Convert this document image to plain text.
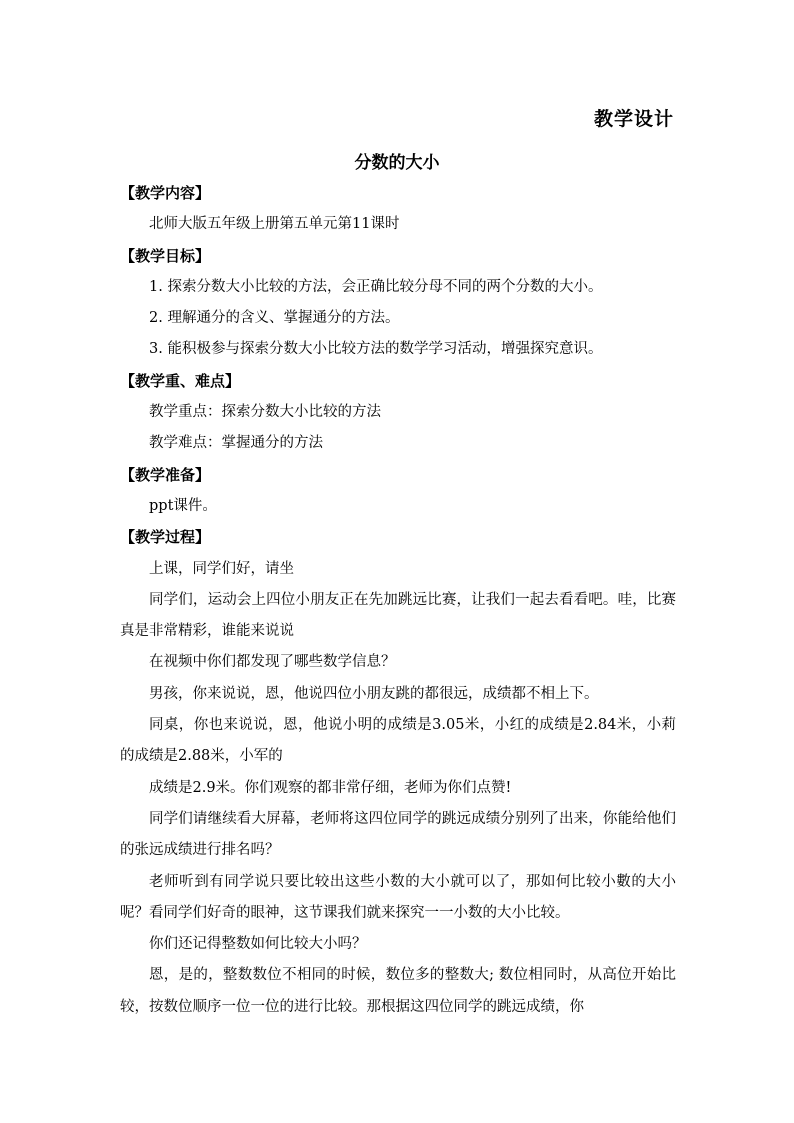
教学设计
分数的大小

【教学内容】

北师大版五年级上册第五单元第11课时

【教学目标】

1. 探索分数大小比较的方法，会正确比较分母不同的两个分数的大小。

2. 理解通分的含义、掌握通分的方法。

3. 能积极参与探索分数大小比较方法的数学学习活动，增强探究意识。

【教学重、难点】

教学重点：探索分数大小比较的方法

教学难点：掌握通分的方法

【教学准备】

ppt课件。

【教学过程】

上课，同学们好，请坐

同学们，运动会上四位小朋友正在先加跳远比赛，让我们一起去看看吧。哇，比赛真是非常精彩，谁能来说说

在视频中你们都发现了哪些数学信息？

男孩，你来说说，恩，他说四位小朋友跳的都很远，成绩都不相上下。

同桌，你也来说说，恩，他说小明的成绩是3.05米，小红的成绩是2.84米，小莉的成绩是2.88米，小军的

成绩是2.9米。你们观察的都非常仔细，老师为你们点赞!

同学们请继续看大屏幕，老师将这四位同学的跳远成绩分别列了出来，你能给他们的张远成绩进行排名吗？

老师听到有同学说只要比较出这些小数的大小就可以了，那如何比较小數的大小呢？看同学们好奇的眼神，这节课我们就来探究一一小数的大小比较。

你们还记得整数如何比较大小吗？

恩，是的，整数数位不相同的时候，数位多的整数大; 数位相同时，从高位开始比较，按数位顺序一位一位的进行比较。那根据这四位同学的跳远成绩，你
